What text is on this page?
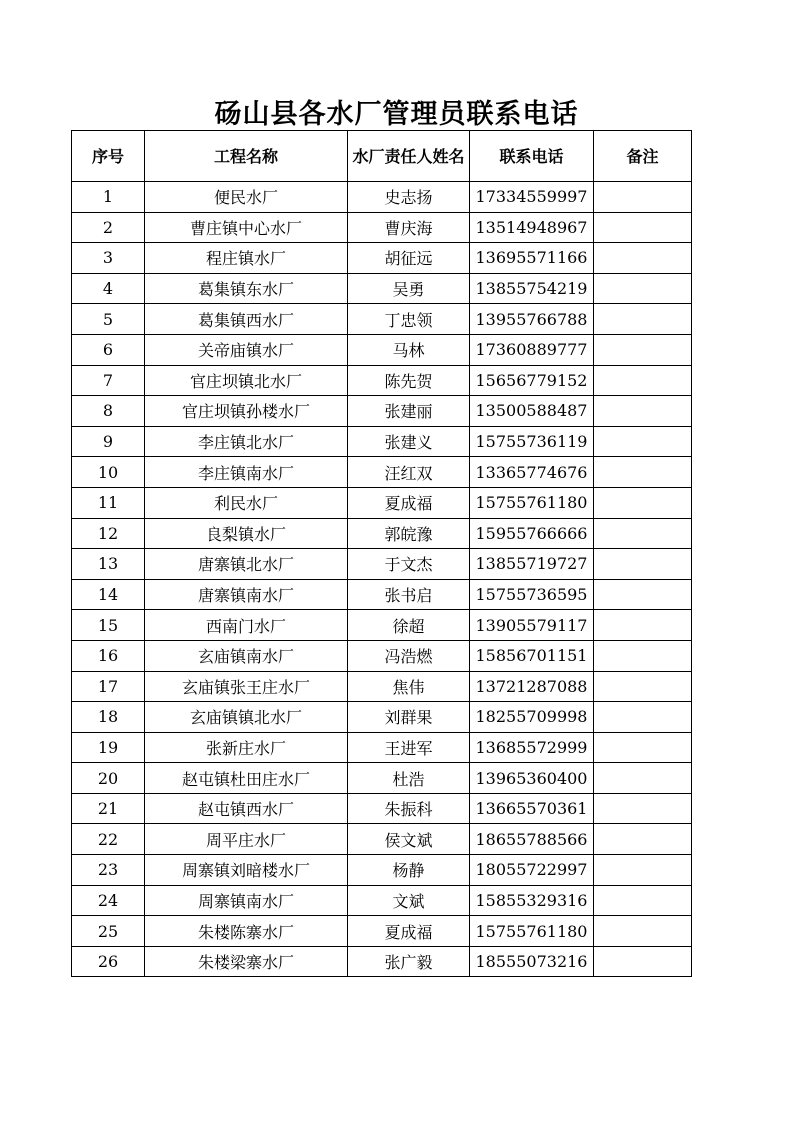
砀山县各水厂管理员联系电话
序号	工程名称	水厂责任人姓名	联系电话	备注
1	便民水厂	史志扬	17334559997	
2	曹庄镇中心水厂	曹庆海	13514948967	
3	程庄镇水厂	胡征远	13695571166	
4	葛集镇东水厂	吴勇	13855754219	
5	葛集镇西水厂	丁忠领	13955766788	
6	关帝庙镇水厂	马林	17360889777	
7	官庄坝镇北水厂	陈先贺	15656779152	
8	官庄坝镇孙楼水厂	张建丽	13500588487	
9	李庄镇北水厂	张建义	15755736119	
10	李庄镇南水厂	汪红双	13365774676	
11	利民水厂	夏成福	15755761180	
12	良梨镇水厂	郭皖豫	15955766666	
13	唐寨镇北水厂	于文杰	13855719727	
14	唐寨镇南水厂	张书启	15755736595	
15	西南门水厂	徐超	13905579117	
16	玄庙镇南水厂	冯浩燃	15856701151	
17	玄庙镇张王庄水厂	焦伟	13721287088	
18	玄庙镇镇北水厂	刘群果	18255709998	
19	张新庄水厂	王进军	13685572999	
20	赵屯镇杜田庄水厂	杜浩	13965360400	
21	赵屯镇西水厂	朱振科	13665570361	
22	周平庄水厂	侯文斌	18655788566	
23	周寨镇刘暗楼水厂	杨静	18055722997	
24	周寨镇南水厂	文斌	15855329316	
25	朱楼陈寨水厂	夏成福	15755761180	
26	朱楼梁寨水厂	张广毅	18555073216	
